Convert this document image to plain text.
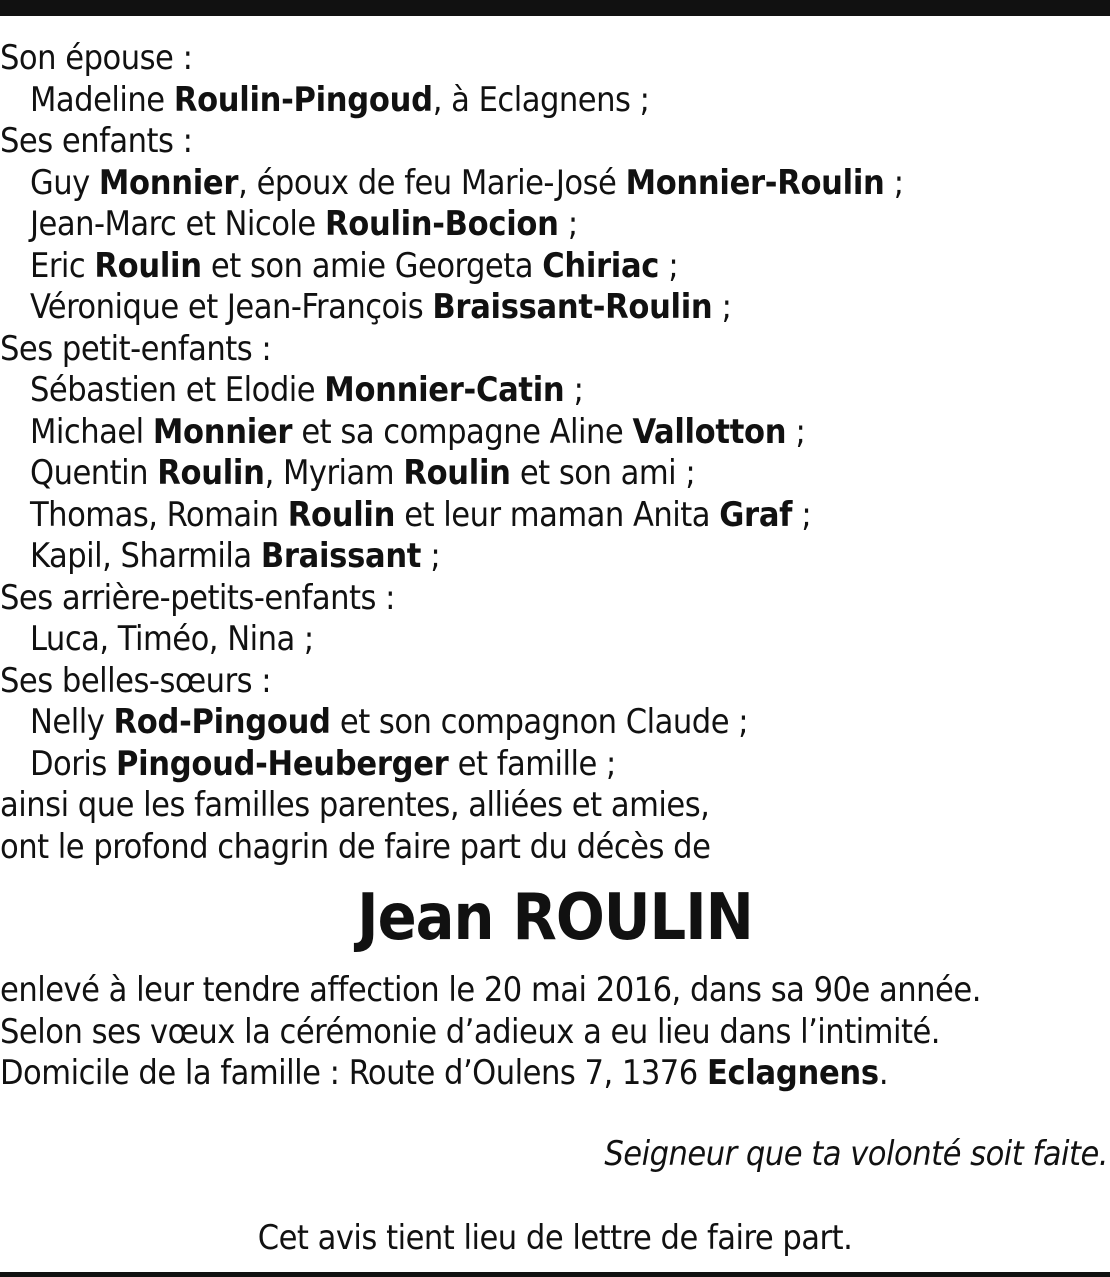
Son épouse :
Madeline Roulin-Pingoud, à Eclagnens ;
Ses enfants :
Guy Monnier, époux de feu Marie-José Monnier-Roulin ;
Jean-Marc et Nicole Roulin-Bocion ;
Eric Roulin et son amie Georgeta Chiriac ;
Véronique et Jean-François Braissant-Roulin ;
Ses petit-enfants :
Sébastien et Elodie Monnier-Catin ;
Michael Monnier et sa compagne Aline Vallotton ;
Quentin Roulin, Myriam Roulin et son ami ;
Thomas, Romain Roulin et leur maman Anita Graf ;
Kapil, Sharmila Braissant ;
Ses arrière-petits-enfants :
Luca, Timéo, Nina ;
Ses belles-sœurs :
Nelly Rod-Pingoud et son compagnon Claude ;
Doris Pingoud-Heuberger et famille ;
ainsi que les familles parentes, alliées et amies,
ont le profond chagrin de faire part du décès de
Jean ROULIN
enlevé à leur tendre affection le 20 mai 2016, dans sa 90e année.
Selon ses vœux la cérémonie d’adieux a eu lieu dans l’intimité.
Domicile de la famille : Route d’Oulens 7, 1376 Eclagnens.
Seigneur que ta volonté soit faite.
Cet avis tient lieu de lettre de faire part.
